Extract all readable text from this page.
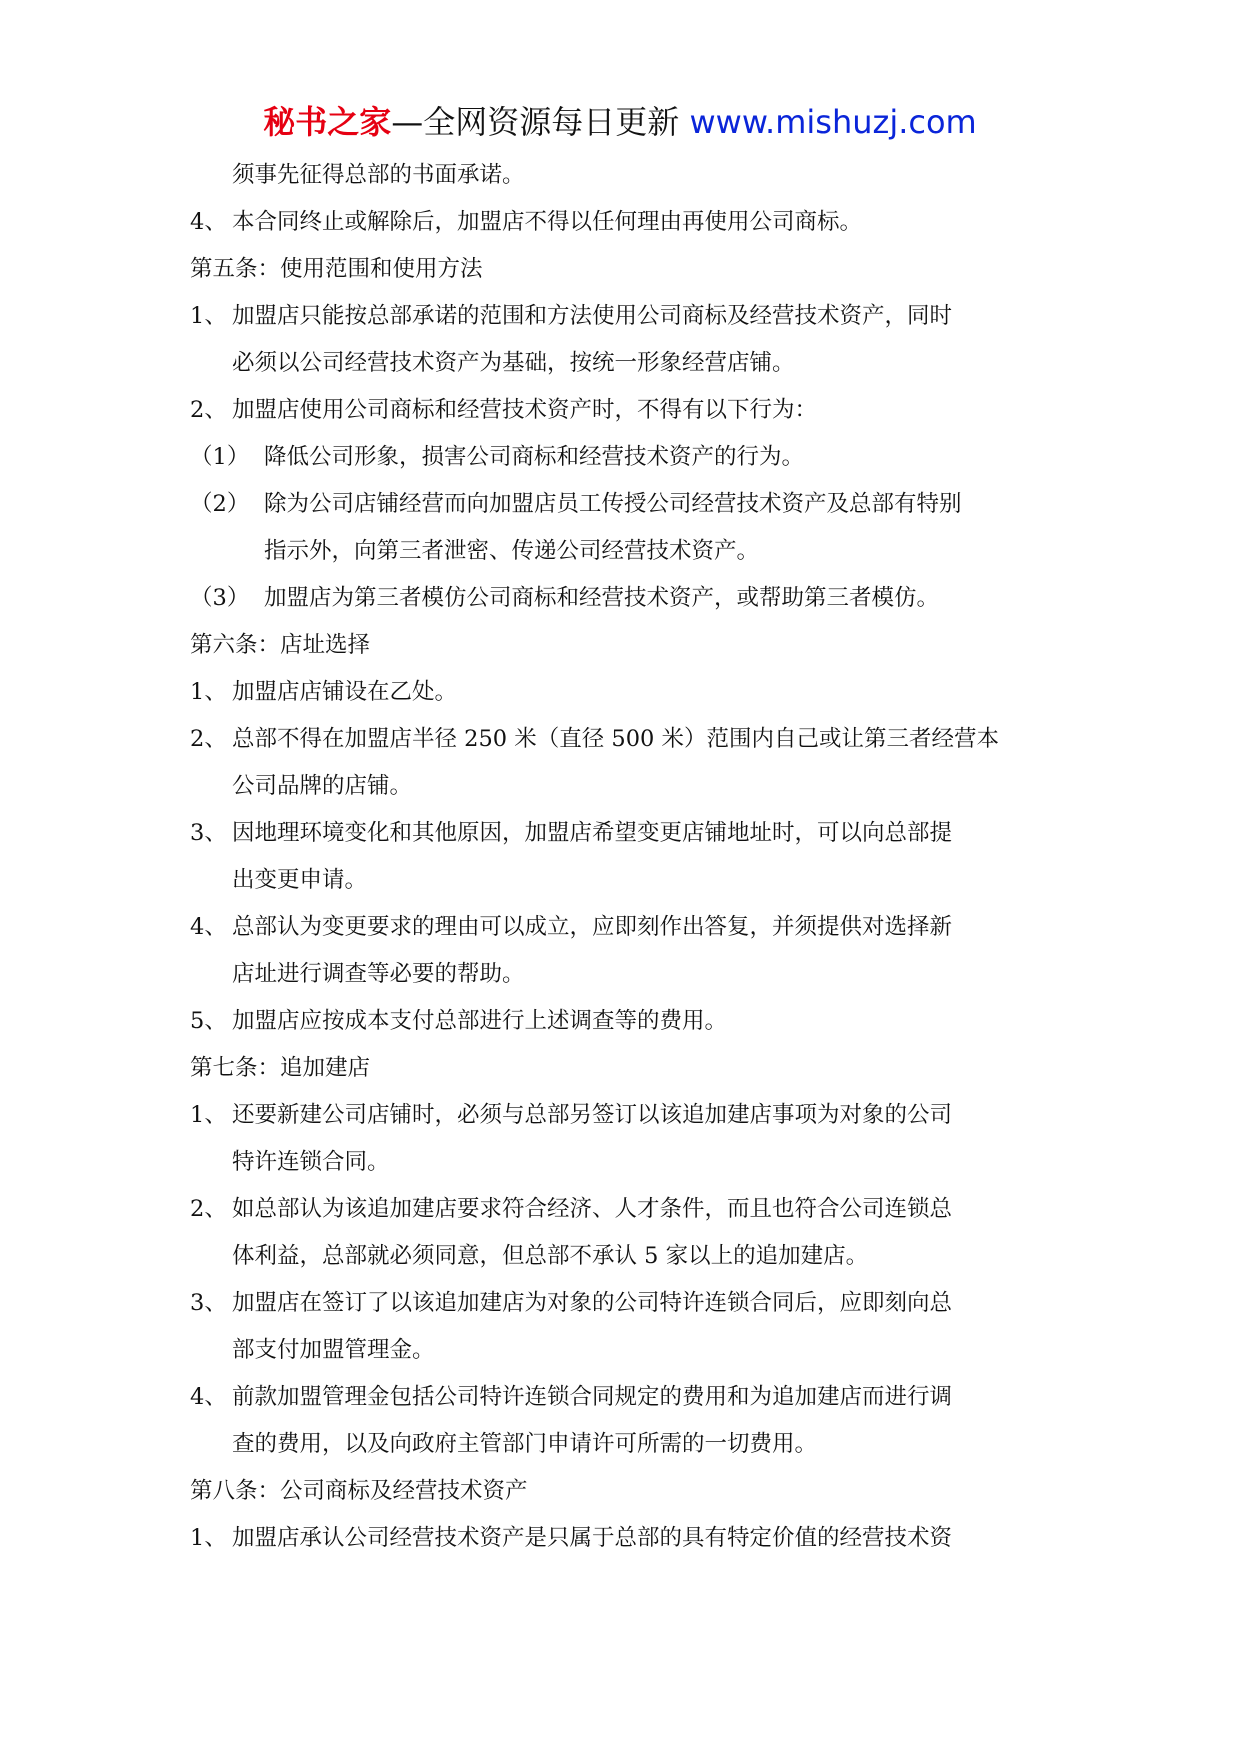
秘书之家—全网资源每日更新 www.mishuzj.com
须事先征得总部的书面承诺。
4、 本合同终止或解除后，加盟店不得以任何理由再使用公司商标。
第五条：使用范围和使用方法
1、 加盟店只能按总部承诺的范围和方法使用公司商标及经营技术资产，同时
必须以公司经营技术资产为基础，按统一形象经营店铺。
2、 加盟店使用公司商标和经营技术资产时，不得有以下行为：
（1） 降低公司形象，损害公司商标和经营技术资产的行为。
（2） 除为公司店铺经营而向加盟店员工传授公司经营技术资产及总部有特别
指示外，向第三者泄密、传递公司经营技术资产。
（3） 加盟店为第三者模仿公司商标和经营技术资产，或帮助第三者模仿。
第六条：店址选择
1、 加盟店店铺设在乙处。
2、 总部不得在加盟店半径 250 米（直径 500 米）范围内自己或让第三者经营本
公司品牌的店铺。
3、 因地理环境变化和其他原因，加盟店希望变更店铺地址时，可以向总部提
出变更申请。
4、 总部认为变更要求的理由可以成立，应即刻作出答复，并须提供对选择新
店址进行调查等必要的帮助。
5、 加盟店应按成本支付总部进行上述调查等的费用。
第七条：追加建店
1、 还要新建公司店铺时，必须与总部另签订以该追加建店事项为对象的公司
特许连锁合同。
2、 如总部认为该追加建店要求符合经济、人才条件，而且也符合公司连锁总
体利益，总部就必须同意，但总部不承认 5 家以上的追加建店。
3、 加盟店在签订了以该追加建店为对象的公司特许连锁合同后，应即刻向总
部支付加盟管理金。
4、 前款加盟管理金包括公司特许连锁合同规定的费用和为追加建店而进行调
查的费用，以及向政府主管部门申请许可所需的一切费用。
第八条：公司商标及经营技术资产
1、 加盟店承认公司经营技术资产是只属于总部的具有特定价值的经营技术资
